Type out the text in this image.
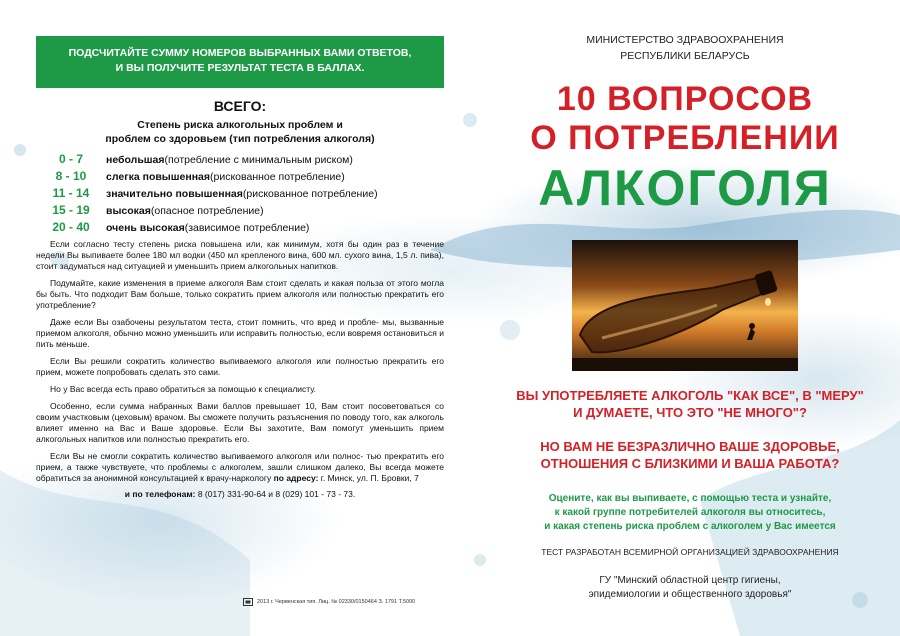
ПОДСЧИТАЙТЕ СУММУ НОМЕРОВ ВЫБРАННЫХ ВАМИ ОТВЕТОВ,
И ВЫ ПОЛУЧИТЕ РЕЗУЛЬТАТ ТЕСТА В БАЛЛАХ.
ВСЕГО:
Степень риска алкогольных проблем и
проблем со здоровьем (тип потребления алкоголя)
0 - 7	небольшая (потребление с минимальным риском)
8 - 10	слегка повышенная (рискованное потребление)
11 - 14	значительно повышенная (рискованное потребление)
15 - 19	высокая (опасное потребление)
20 - 40	очень высокая (зависимое потребление)
Если согласно тесту степень риска повышена или, как минимум, хотя бы один раз в течение недели Вы выпиваете более 180 мл водки (450 мл крепленого вина, 600 мл. сухого вина, 1,5 л. пива), стоит задуматься над ситуацией и уменьшить прием алкогольных напитков.
Подумайте, какие изменения в приеме алкоголя Вам стоит сделать и какая польза от этого могла бы быть. Что подходит Вам больше, только сократить прием алкоголя или полностью прекратить его употребление?
Даже если Вы озабочены результатом теста, стоит помнить, что вред и пробле- мы, вызванные приемом алкоголя, обычно можно уменьшить или исправить полностью, если вовремя остановиться и пить меньше.
Если Вы решили сократить количество выпиваемого алкоголя или полностью прекратить его прием, можете попробовать сделать это сами.
Но у Вас всегда есть право обратиться за помощью к специалисту.
Особенно, если сумма набранных Вами баллов превышает 10, Вам стоит посоветоваться со своим участковым (цеховым) врачом. Вы сможете получить разъяснения по поводу того, как алкоголь влияет именно на Вас и Ваше здоровье. Если Вы захотите, Вам помогут уменьшить прием алкогольных напитков или полностью прекратить его.
Если Вы не смогли сократить количество выпиваемого алкоголя или полнос- тью прекратить его прием, а также чувствуете, что проблемы с алкоголем, зашли слишком далеко, Вы всегда можете обратиться за анонимной консультацией к врачу-наркологу по адресу: г. Минск, ул. П. Бровки, 7
и по телефонам: 8 (017) 331-90-64 и 8 (029) 101 - 73 - 73.
2013 г. Червенская тип. Лиц. № 02330/0150464 З. 1791 Т.5000
МИНИСТЕРСТВО ЗДРАВООХРАНЕНИЯ
РЕСПУБЛИКИ БЕЛАРУСЬ
10 ВОПРОСОВ
О ПОТРЕБЛЕНИИ
АЛКОГОЛЯ
ВЫ УПОТРЕБЛЯЕТЕ АЛКОГОЛЬ "КАК ВСЕ", В "МЕРУ"
И ДУМАЕТЕ, ЧТО ЭТО "НЕ МНОГО"?
НО ВАМ НЕ БЕЗРАЗЛИЧНО ВАШЕ ЗДОРОВЬЕ,
ОТНОШЕНИЯ С БЛИЗКИМИ И ВАША РАБОТА?
Оцените, как вы выпиваете, с помощью теста и узнайте,
к какой группе потребителей алкоголя вы относитесь,
и какая степень риска проблем с алкоголем у Вас имеется
ТЕСТ РАЗРАБОТАН ВСЕМИРНОЙ ОРГАНИЗАЦИЕЙ ЗДРАВООХРАНЕНИЯ
ГУ "Минский областной центр гигиены,
эпидемиологии и общественного здоровья"
